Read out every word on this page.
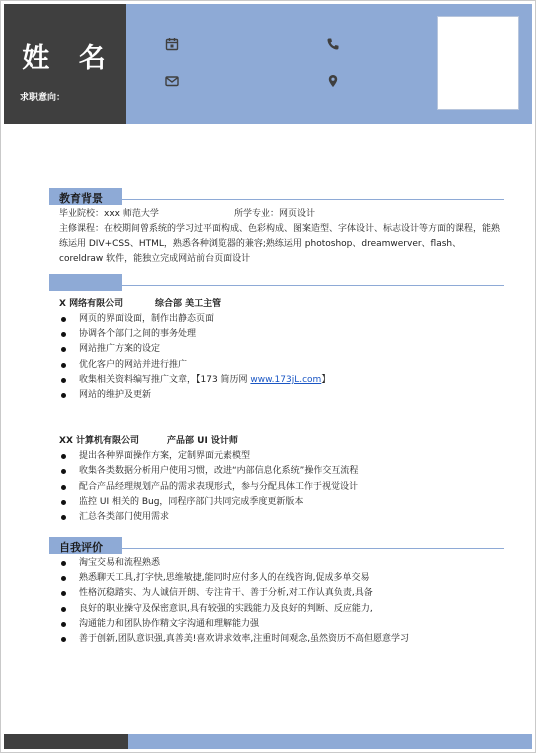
姓 名
求职意向：
教育背景
毕业院校：xxx 师范大学	所学专业：网页设计
主修课程：在校期间曾系统的学习过平面构成、色彩构成、图案造型、字体设计、标志设计等方面的课程，能熟练运用 DIV+CSS、HTML，熟悉各种浏览器的兼容;熟练运用 photoshop、dreamwerver、flash、coreldraw 软件，能独立完成网站前台页面设计
X 网络有限公司	综合部 美工主管
网页的界面设面，制作出静态页面
协调各个部门之间的事务处理
网站推广方案的设定
优化客户的网站并进行推广
收集相关资料编写推广文章，【173 简历网 www.173jL.com】
网站的维护及更新
XX 计算机有限公司	产品部 UI 设计师
提出各种界面操作方案，定制界面元素模型
收集各类数据分析用户使用习惯，改进“内部信息化系统”操作交互流程
配合产品经理规划产品的需求表现形式，参与分配具体工作于视觉设计
监控 UI 相关的 Bug，同程序部门共同完成季度更新版本
汇总各类部门使用需求
自我评价
淘宝交易和流程熟悉
熟悉聊天工具,打字快,思维敏捷,能同时应付多人的在线咨询,促成多单交易
性格沉稳踏实、为人诚信开朗、专注肯干、善于分析,对工作认真负责,具备
良好的职业操守及保密意识,具有较强的实践能力及良好的判断、反应能力,
沟通能力和团队协作精文字沟通和理解能力强
善于创新,团队意识强,真善美!喜欢讲求效率,注重时间观念,虽然资历不高但愿意学习
